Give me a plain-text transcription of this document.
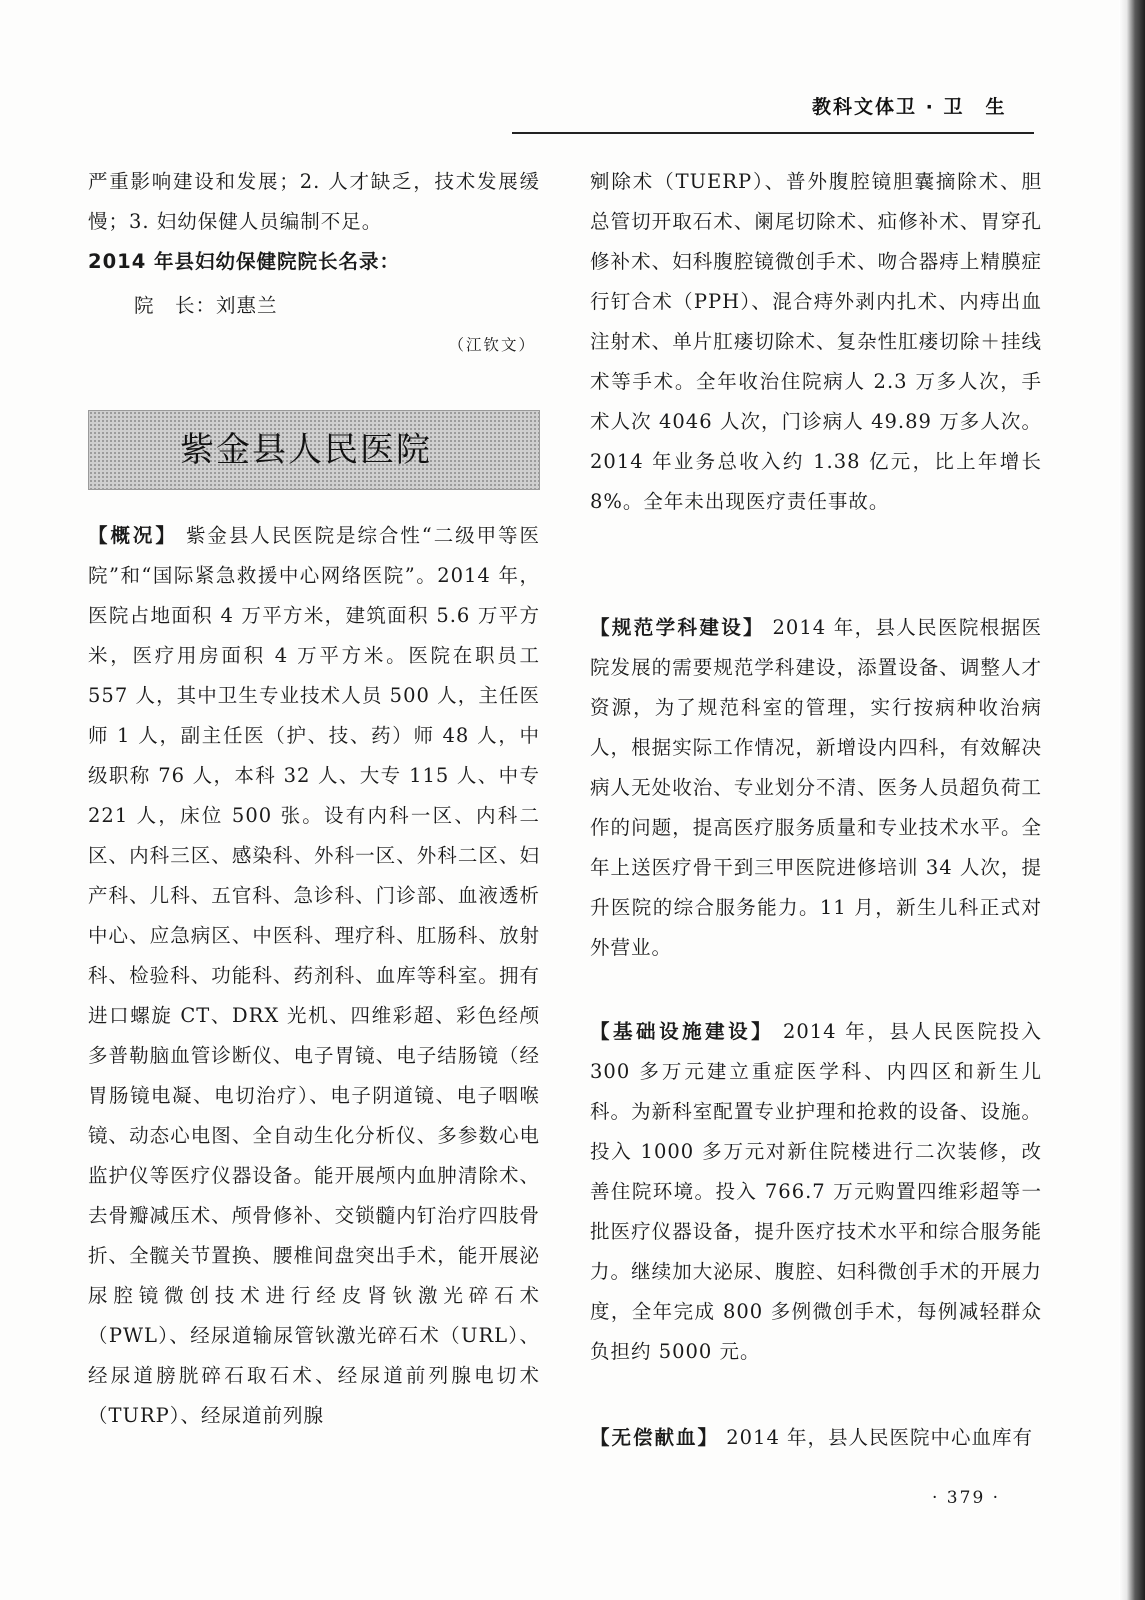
教科文体卫 · 卫　生

严重影响建设和发展；2. 人才缺乏，技术发展缓慢；3. 妇幼保健人员编制不足。

2014 年县妇幼保健院院长名录：

院　长：刘惠兰

（江钦文）

紫金县人民医院

【概况】 紫金县人民医院是综合性“二级甲等医院”和“国际紧急救援中心网络医院”。2014 年，医院占地面积 4 万平方米，建筑面积 5.6 万平方米，医疗用房面积 4 万平方米。医院在职员工 557 人，其中卫生专业技术人员 500 人，主任医师 1 人，副主任医（护、技、药）师 48 人，中级职称 76 人，本科 32 人、大专 115 人、中专 221 人，床位 500 张。设有内科一区、内科二区、内科三区、感染科、外科一区、外科二区、妇产科、儿科、五官科、急诊科、门诊部、血液透析中心、应急病区、中医科、理疗科、肛肠科、放射科、检验科、功能科、药剂科、血库等科室。拥有进口螺旋 CT、DRX 光机、四维彩超、彩色经颅多普勒脑血管诊断仪、电子胃镜、电子结肠镜（经胃肠镜电凝、电切治疗）、电子阴道镜、电子咽喉镜、动态心电图、全自动生化分析仪、多参数心电监护仪等医疗仪器设备。能开展颅内血肿清除术、去骨瓣减压术、颅骨修补、交锁髓内钉治疗四肢骨折、全髋关节置换、腰椎间盘突出手术，能开展泌尿腔镜微创技术进行经皮肾钬激光碎石术（PWL）、经尿道输尿管钬激光碎石术（URL）、经尿道膀胱碎石取石术、经尿道前列腺电切术（TURP）、经尿道前列腺

剜除术（TUERP）、普外腹腔镜胆囊摘除术、胆总管切开取石术、阑尾切除术、疝修补术、胃穿孔修补术、妇科腹腔镜微创手术、吻合器痔上精膜症行钉合术（PPH）、混合痔外剥内扎术、内痔出血注射术、单片肛瘘切除术、复杂性肛瘘切除＋挂线术等手术。全年收治住院病人 2.3 万多人次，手术人次 4046 人次，门诊病人 49.89 万多人次。2014 年业务总收入约 1.38 亿元，比上年增长 8%。全年未出现医疗责任事故。

【规范学科建设】 2014 年，县人民医院根据医院发展的需要规范学科建设，添置设备、调整人才资源，为了规范科室的管理，实行按病种收治病人，根据实际工作情况，新增设内四科，有效解决病人无处收治、专业划分不清、医务人员超负荷工作的问题，提高医疗服务质量和专业技术水平。全年上送医疗骨干到三甲医院进修培训 34 人次，提升医院的综合服务能力。11 月，新生儿科正式对外营业。

【基础设施建设】 2014 年，县人民医院投入 300 多万元建立重症医学科、内四区和新生儿科。为新科室配置专业护理和抢救的设备、设施。投入 1000 多万元对新住院楼进行二次装修，改善住院环境。投入 766.7 万元购置四维彩超等一批医疗仪器设备，提升医疗技术水平和综合服务能力。继续加大泌尿、腹腔、妇科微创手术的开展力度，全年完成 800 多例微创手术，每例减轻群众负担约 5000 元。

【无偿献血】 2014 年，县人民医院中心血库有

· 379 ·
